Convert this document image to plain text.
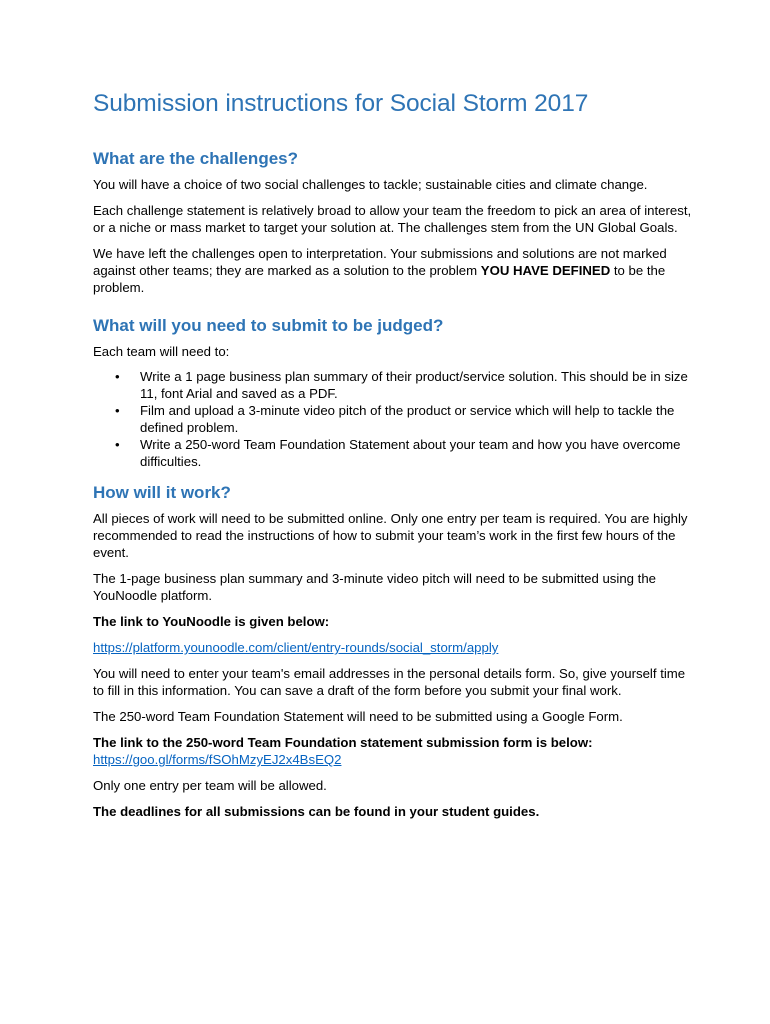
Submission instructions for Social Storm 2017
What are the challenges?

You will have a choice of two social challenges to tackle; sustainable cities and climate change.

Each challenge statement is relatively broad to allow your team the freedom to pick an area of interest, or a niche or mass market to target your solution at. The challenges stem from the UN Global Goals.

We have left the challenges open to interpretation. Your submissions and solutions are not marked against other teams; they are marked as a solution to the problem YOU HAVE DEFINED to be the problem.

What will you need to submit to be judged?

Each team will need to:

• Write a 1 page business plan summary of their product/service solution. This should be in size 11, font Arial and saved as a PDF.
• Film and upload a 3-minute video pitch of the product or service which will help to tackle the defined problem.
• Write a 250-word Team Foundation Statement about your team and how you have overcome difficulties.
How will it work?

All pieces of work will need to be submitted online. Only one entry per team is required. You are highly recommended to read the instructions of how to submit your team’s work in the first few hours of the event.

The 1-page business plan summary and 3-minute video pitch will need to be submitted using the YouNoodle platform.

The link to YouNoodle is given below:

https://platform.younoodle.com/client/entry-rounds/social_storm/apply

You will need to enter your team's email addresses in the personal details form. So, give yourself time to fill in this information. You can save a draft of the form before you submit your final work.

The 250-word Team Foundation Statement will need to be submitted using a Google Form.

The link to the 250-word Team Foundation statement submission form is below:

https://goo.gl/forms/fSOhMzyEJ2x4BsEQ2

Only one entry per team will be allowed.

The deadlines for all submissions can be found in your student guides.
